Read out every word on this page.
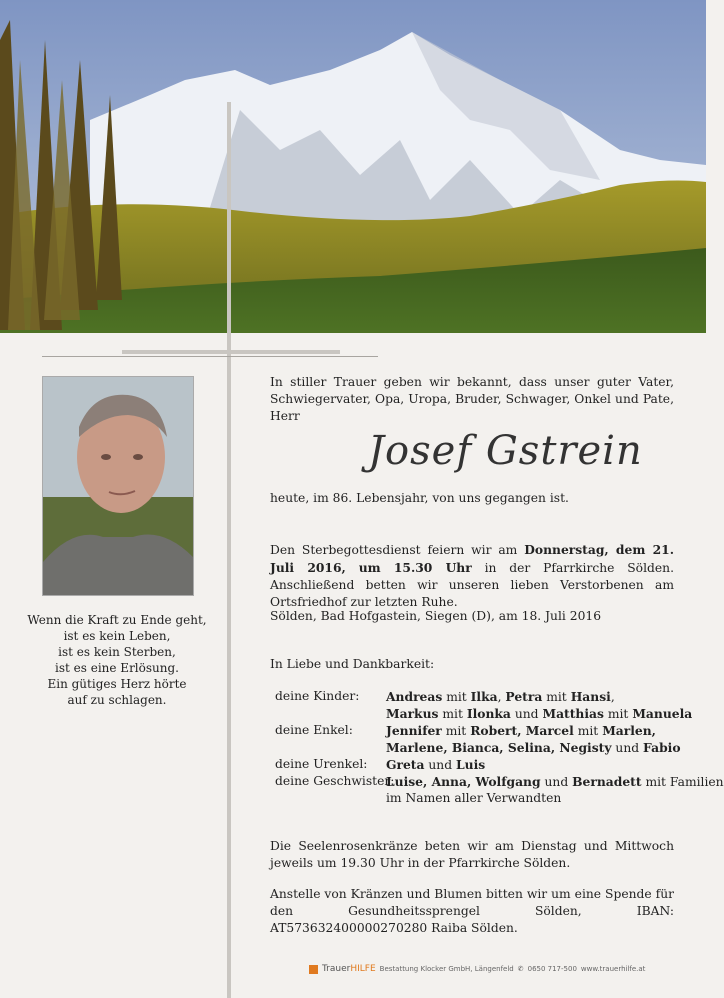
Wenn die Kraft zu Ende geht,
ist es kein Leben,
ist es kein Sterben,
ist es eine Erlösung.
Ein gütiges Herz hörte
auf zu schlagen.
In stiller Trauer geben wir bekannt, dass unser guter Vater, Schwiegervater, Opa, Uropa, Bruder, Schwager, Onkel und Pate, Herr
Josef Gstrein
heute, im 86. Lebensjahr, von uns gegangen ist.
Den Sterbegottesdienst feiern wir am Donnerstag, dem 21. Juli 2016, um 15.30 Uhr in der Pfarrkirche Sölden. Anschließend betten wir unseren lieben Verstorbenen am Ortsfriedhof zur letzten Ruhe.
Sölden, Bad Hofgastein, Siegen (D), am 18. Juli 2016
In Liebe und Dankbarkeit:
deine Kinder: Andreas mit Ilka, Petra mit Hansi,
Markus mit Ilonka und Matthias mit Manuela
deine Enkel:	Jennifer mit Robert, Marcel mit Marlen,
Marlene, Bianca, Selina, Negisty und Fabio
deine Urenkel: Greta und Luis
deine Geschwister:
Luise, Anna, Wolfgang und Bernadett mit Familien
im Namen aller Verwandten
Die Seelenrosenkränze beten wir am Dienstag und Mittwoch jeweils um 19.30 Uhr in der Pfarrkirche Sölden.
Anstelle von Kränzen und Blumen bitten wir um eine Spende für den Gesundheitssprengel Sölden, IBAN: AT573632400000270280 Raiba Sölden.
TrauerHILFE Bestattung Klocker GmbH, Längenfeld ✆ 0650 717-500 www.trauerhilfe.at
